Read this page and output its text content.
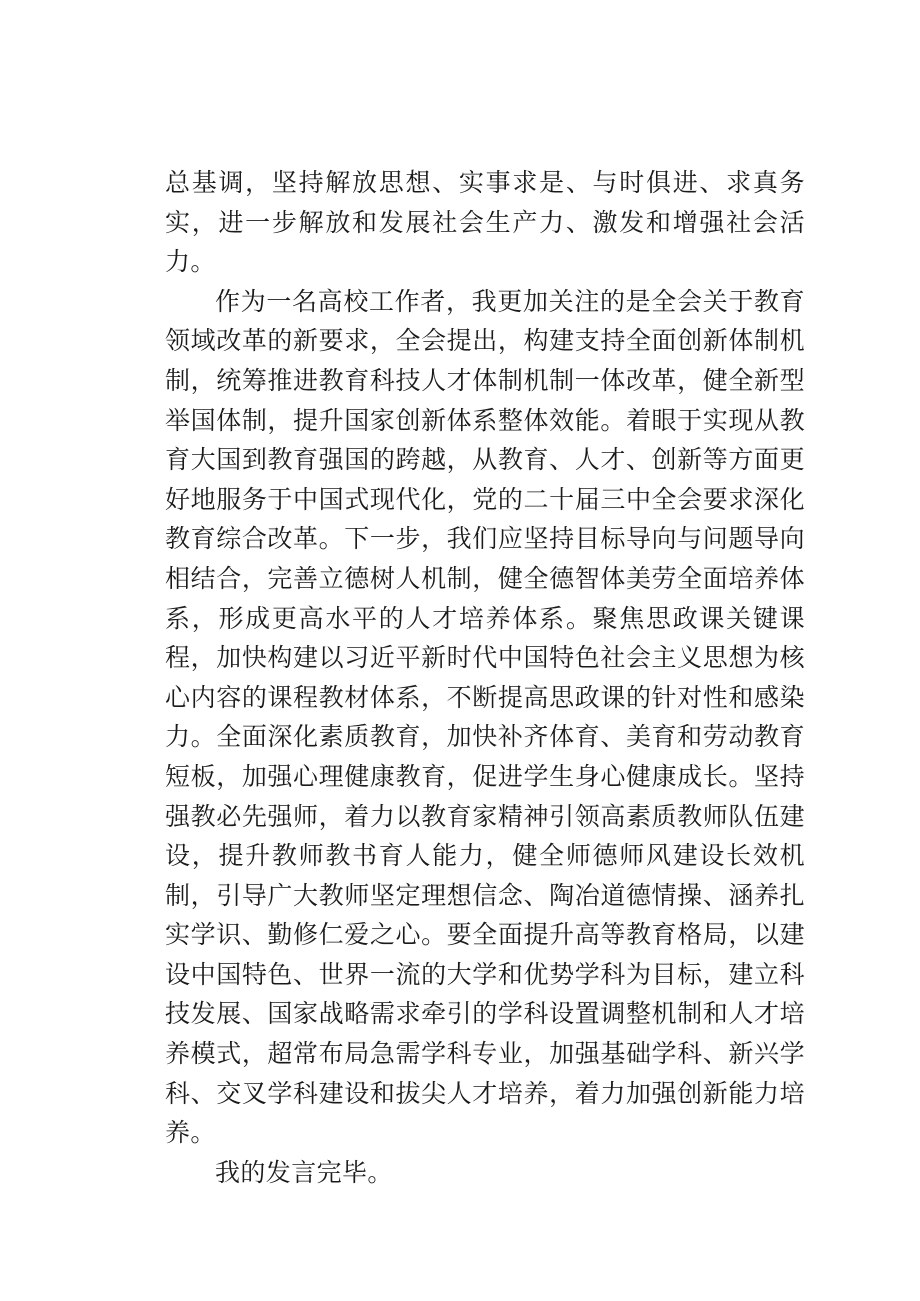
总基调，坚持解放思想、实事求是、与时俱进、求真务实，进一步解放和发展社会生产力、激发和增强社会活力。

作为一名高校工作者，我更加关注的是全会关于教育领域改革的新要求，全会提出，构建支持全面创新体制机制，统筹推进教育科技人才体制机制一体改革，健全新型举国体制，提升国家创新体系整体效能。着眼于实现从教育大国到教育强国的跨越，从教育、人才、创新等方面更好地服务于中国式现代化，党的二十届三中全会要求深化教育综合改革。下一步，我们应坚持目标导向与问题导向相结合，完善立德树人机制，健全德智体美劳全面培养体系，形成更高水平的人才培养体系。聚焦思政课关键课程，加快构建以习近平新时代中国特色社会主义思想为核心内容的课程教材体系，不断提高思政课的针对性和感染力。全面深化素质教育，加快补齐体育、美育和劳动教育短板，加强心理健康教育，促进学生身心健康成长。坚持强教必先强师，着力以教育家精神引领高素质教师队伍建设，提升教师教书育人能力，健全师德师风建设长效机制，引导广大教师坚定理想信念、陶冶道德情操、涵养扎实学识、勤修仁爱之心。要全面提升高等教育格局，以建设中国特色、世界一流的大学和优势学科为目标，建立科技发展、国家战略需求牵引的学科设置调整机制和人才培养模式，超常布局急需学科专业，加强基础学科、新兴学科、交叉学科建设和拔尖人才培养，着力加强创新能力培养。

我的发言完毕。
